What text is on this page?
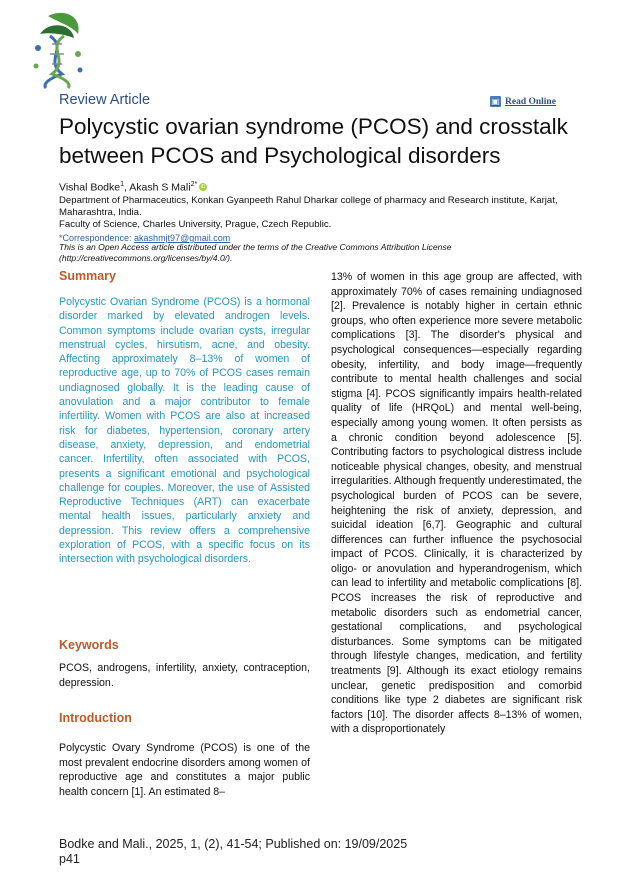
Review Article	▣ Read Online
Polycystic ovarian syndrome (PCOS) and crosstalk between PCOS and Psychological disorders
Vishal Bodke$^1$, Akash S Mali$^{2*}$ iD
Department of Pharmaceutics, Konkan Gyanpeeth Rahul Dharkar college of pharmacy and Research institute, Karjat, Maharashtra, India.
Faculty of Science, Charles University, Prague, Czech Republic.
*Correspondence: akashmjt97@gmail.com
This is an Open Access article distributed under the terms of the Creative Commons Attribution License (http://creativecommons.org/licenses/by/4.0/).
Summary
Polycystic Ovarian Syndrome (PCOS) is a hormonal disorder marked by elevated androgen levels. Common symptoms include ovarian cysts, irregular menstrual cycles, hirsutism, acne, and obesity. Affecting approximately 8–13% of women of reproductive age, up to 70% of PCOS cases remain undiagnosed globally. It is the leading cause of anovulation and a major contributor to female infertility. Women with PCOS are also at increased risk for diabetes, hypertension, coronary artery disease, anxiety, depression, and endometrial cancer. Infertility, often associated with PCOS, presents a significant emotional and psychological challenge for couples. Moreover, the use of Assisted Reproductive Techniques (ART) can exacerbate mental health issues, particularly anxiety and depression. This review offers a comprehensive exploration of PCOS, with a specific focus on its intersection with psychological disorders.
Keywords
PCOS, androgens, infertility, anxiety, contraception, depression.
Introduction
Polycystic Ovary Syndrome (PCOS) is one of the most prevalent endocrine disorders among women of reproductive age and constitutes a major public health concern [1]. An estimated 8–
13% of women in this age group are affected, with approximately 70% of cases remaining undiagnosed [2]. Prevalence is notably higher in certain ethnic groups, who often experience more severe metabolic complications [3]. The disorder's physical and psychological consequences—especially regarding obesity, infertility, and body image—frequently contribute to mental health challenges and social stigma [4]. PCOS significantly impairs health-related quality of life (HRQoL) and mental well-being, especially among young women. It often persists as a chronic condition beyond adolescence [5]. Contributing factors to psychological distress include noticeable physical changes, obesity, and menstrual irregularities. Although frequently underestimated, the psychological burden of PCOS can be severe, heightening the risk of anxiety, depression, and suicidal ideation [6,7]. Geographic and cultural differences can further influence the psychosocial impact of PCOS. Clinically, it is characterized by oligo- or anovulation and hyperandrogenism, which can lead to infertility and metabolic complications [8]. PCOS increases the risk of reproductive and metabolic disorders such as endometrial cancer, gestational complications, and psychological disturbances. Some symptoms can be mitigated through lifestyle changes, medication, and fertility treatments [9]. Although its exact etiology remains unclear, genetic predisposition and comorbid conditions like type 2 diabetes are significant risk factors [10]. The disorder affects 8–13% of women, with a disproportionately
Bodke and Mali., 2025, 1, (2), 41-54; Published on: 19/09/2025
p41
